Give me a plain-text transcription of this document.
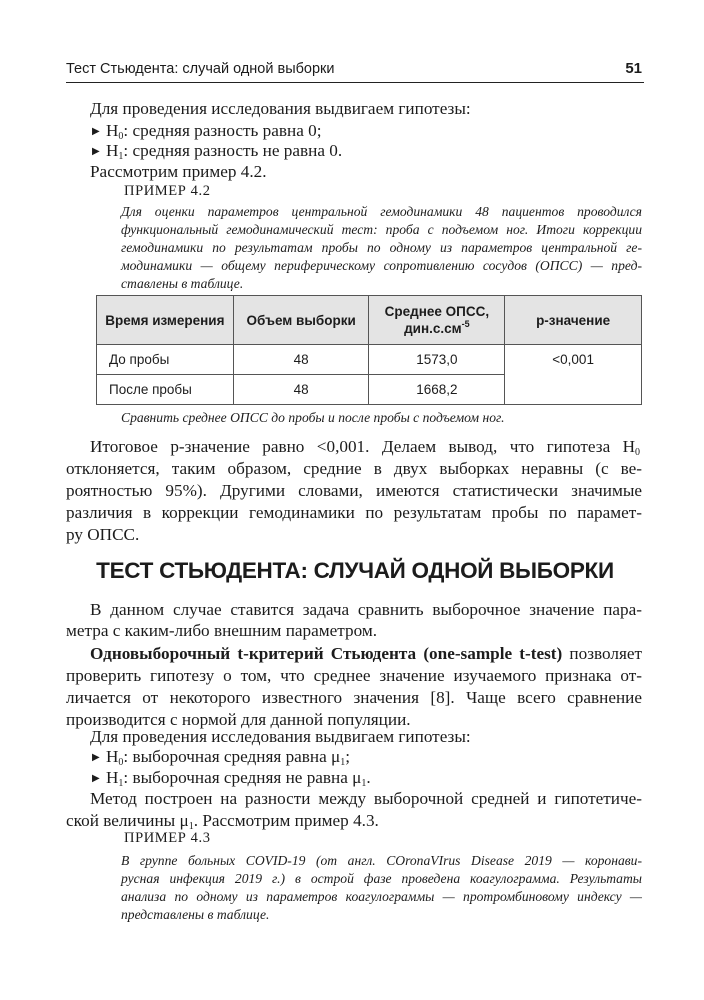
Тест Стьюдента: случай одной выборки	51
Для проведения исследования выдвигаем гипотезы:
▶ $H_0$: средняя разность равна 0;
▶ $H_1$: средняя разность не равна 0.
Рассмотрим пример 4.2.
ПРИМЕР 4.2
Для оценки параметров центральной гемодинамики 48 пациентов проводился
функциональный гемодинамический тест: проба с подъемом ног. Итоги коррекции
гемодинамики по результатам пробы по одному из параметров центральной ге-
модинамики — общему периферическому сопротивлению сосудов (ОПСС) — пред-
ставлены в таблице.
Время измерения	Объем выборки	Среднее ОПСС,
$дин.с.см^{-5}$	p-значение
До пробы	48	1573,0	<0,001
После пробы	48	1668,2	
Сравнить среднее ОПСС до пробы и после пробы с подъемом ног.
Итоговое p-значение равно <0,001. Делаем вывод, что гипотеза $H_0$
отклоняется, таким образом, средние в двух выборках неравны (с ве-
роятностью 95%). Другими словами, имеются статистически значимые
различия в коррекции гемодинамики по результатам пробы по парамет-
ру ОПСС.
ТЕСТ СТЬЮДЕНТА: СЛУЧАЙ ОДНОЙ ВЫБОРКИ
В данном случае ставится задача сравнить выборочное значение пара-
метра с каким-либо внешним параметром.
Одновыборочный t-критерий Стьюдента (one-sample t-test) позволяет
проверить гипотезу о том, что среднее значение изучаемого признака от-
личается от некоторого известного значения [8]. Чаще всего сравнение
производится с нормой для данной популяции.
Для проведения исследования выдвигаем гипотезы:
▶ $H_0$: выборочная средняя равна $\mu_1$;
▶ $H_1$: выборочная средняя не равна $\mu_1$.
Метод построен на разности между выборочной средней и гипотетиче-
ской величины $\mu_1$. Рассмотрим пример 4.3.
ПРИМЕР 4.3
В группе больных COVID-19 (от англ. COronaVIrus Disease 2019 — коронави-
русная инфекция 2019 г.) в острой фазе проведена коагулограмма. Результаты
анализа по одному из параметров коагулограммы — протромбиновому индексу —
представлены в таблице.
